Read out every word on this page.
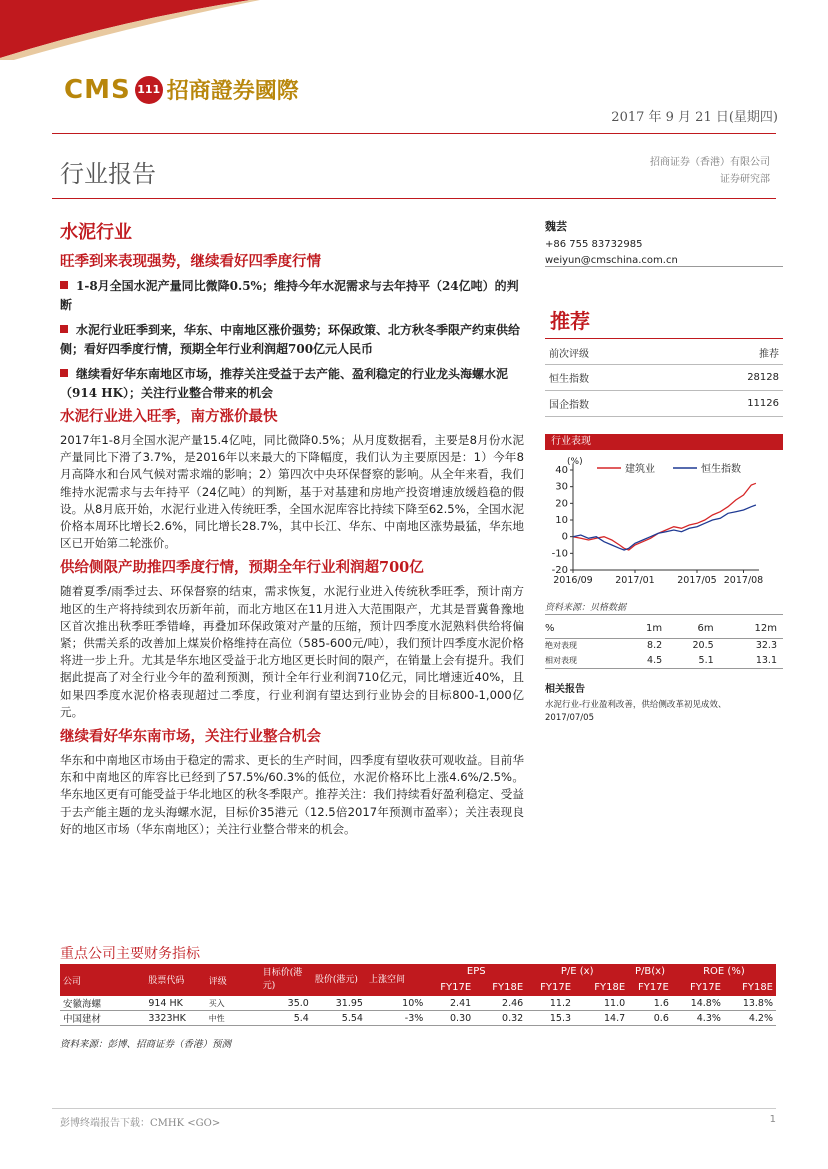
CMS 111 招商證券國際
2017 年 9 月 21 日(星期四)
行业报告	招商证券（香港）有限公司
证券研究部
水泥行业
旺季到来表现强势，继续看好四季度行情
1-8月全国水泥产量同比微降0.5%；维持今年水泥需求与去年持平（24亿吨）的判断
水泥行业旺季到来，华东、中南地区涨价强势；环保政策、北方秋冬季限产约束供给侧；看好四季度行情，预期全年行业利润超700亿元人民币
继续看好华东南地区市场，推荐关注受益于去产能、盈利稳定的行业龙头海螺水泥（914 HK）；关注行业整合带来的机会
水泥行业进入旺季，南方涨价最快
2017年1-8月全国水泥产量15.4亿吨，同比微降0.5%；从月度数据看，主要是8月份水泥产量同比下滑了3.7%，是2016年以来最大的下降幅度，我们认为主要原因是：1）今年8月高降水和台风气候对需求端的影响；2）第四次中央环保督察的影响。从全年来看，我们维持水泥需求与去年持平（24亿吨）的判断，基于对基建和房地产投资增速放缓趋稳的假设。从8月底开始，水泥行业进入传统旺季，全国水泥库容比持续下降至62.5%，全国水泥价格本周环比增长2.6%，同比增长28.7%，其中长江、华东、中南地区涨势最猛，华东地区已开始第二轮涨价。
供给侧限产助推四季度行情，预期全年行业利润超700亿
随着夏季/雨季过去、环保督察的结束，需求恢复，水泥行业进入传统秋季旺季，预计南方地区的生产将持续到农历新年前，而北方地区在11月进入大范围限产，尤其是晋冀鲁豫地区首次推出秋季旺季错峰，再叠加环保政策对产量的压缩，预计四季度水泥熟料供给将偏紧；供需关系的改善加上煤炭价格维持在高位（585-600元/吨），我们预计四季度水泥价格将进一步上升。尤其是华东地区受益于北方地区更长时间的限产，在销量上会有提升。我们据此提高了对全行业今年的盈利预测，预计全年行业利润710亿元，同比增速近40%，且如果四季度水泥价格表现超过二季度，行业利润有望达到行业协会的目标800-1,000亿元。
继续看好华东南市场，关注行业整合机会
华东和中南地区市场由于稳定的需求、更长的生产时间，四季度有望收获可观收益。目前华东和中南地区的库容比已经到了57.5%/60.3%的低位，水泥价格环比上涨4.6%/2.5%。华东地区更有可能受益于华北地区的秋冬季限产。推荐关注：我们持续看好盈利稳定、受益于去产能主题的龙头海螺水泥，目标价35港元（12.5倍2017年预测市盈率）；关注表现良好的地区市场（华东南地区）；关注行业整合带来的机会。
魏芸
+86 755 83732985
weiyun@cmschina.com.cn
推荐
前次评级	推荐
恒生指数	28128
国企指数	11126
行业表现
40
30
20
10
0
-10
-20
(%)
2016/09 2017/01 2017/05 2017/08
建筑业	恒生指数
资料来源：贝格数据
%	1m	6m	12m
绝对表现	8.2	20.5	32.3
相对表现	4.5	5.1	13.1
相关报告
水泥行业-行业盈利改善，供给侧改革初见成效、
2017/07/05
重点公司主要财务指标
公司	股票代码	评级	目标价(港元)	股价(港元)	上涨空间	EPS		P/E (x)		P/B(x)	ROE (%)	
						FY17E	FY18E	FY17E	FY18E	FY17E	FY17E	FY18E
安徽海螺	914 HK	买入	35.0	31.95	10%	2.41	2.46	11.2	11.0	1.6	14.8%	13.8%
中国建材	3323HK	中性	5.4	5.54	-3%	0.30	0.32	15.3	14.7	0.6	4.3%	4.2%
资料来源：彭博、招商证券（香港）预测
彭博终端报告下载：CMHK <GO>	1
